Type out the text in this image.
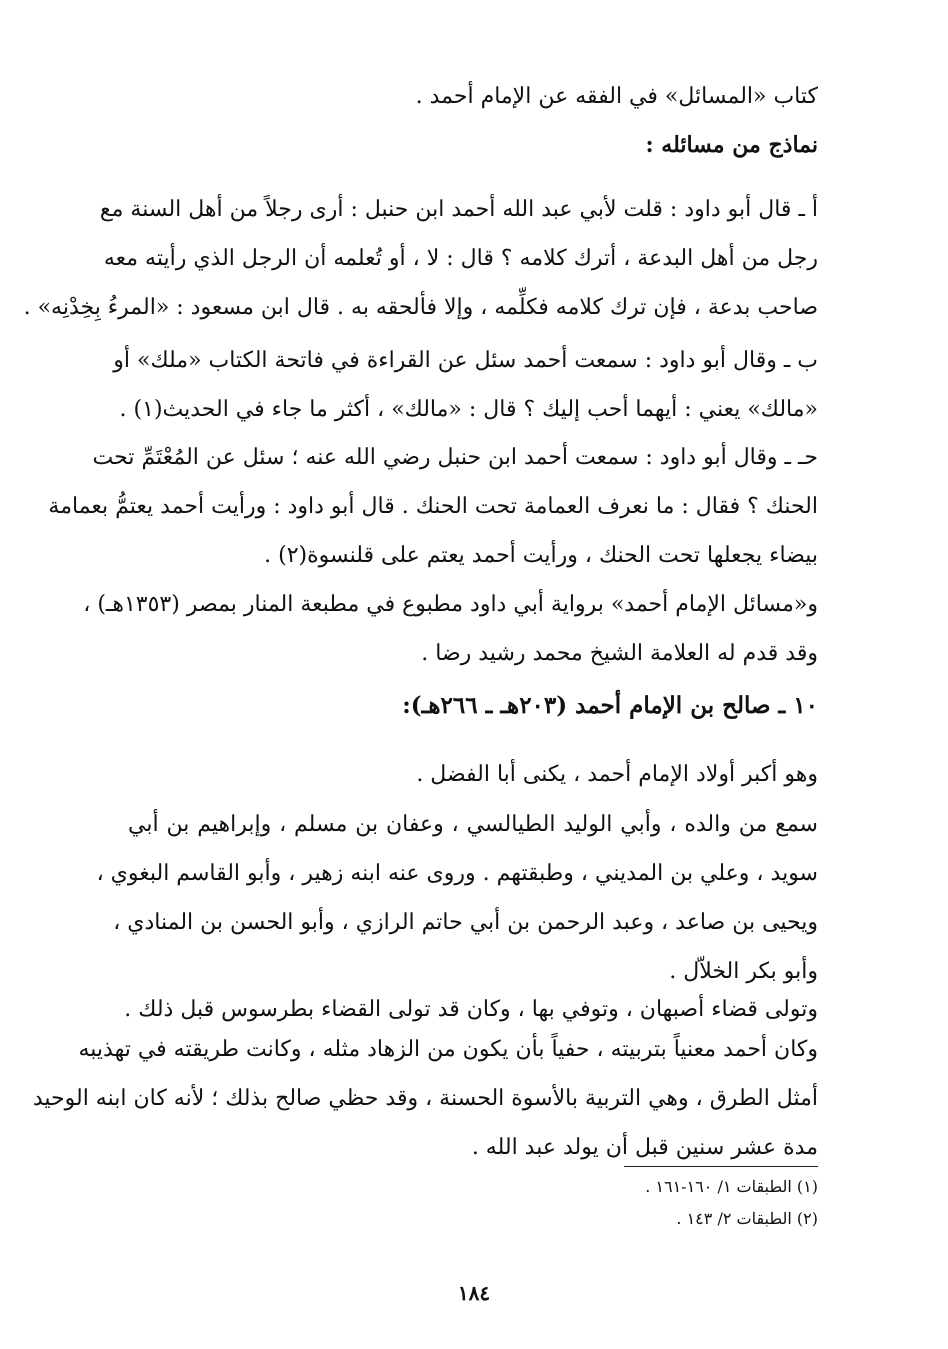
كتاب «المسائل» في الفقه عن الإمام أحمد .
نماذج من مسائله :
أ ـ قال أبو داود : قلت لأبي عبد الله أحمد ابن حنبل : أرى رجلاً من أهل السنة مع
رجل من أهل البدعة ، أترك كلامه ؟ قال : لا ، أو تُعلمه أن الرجل الذي رأيته معه
صاحب بدعة ، فإن ترك كلامه فكلِّمه ، وإلا فألحقه به . قال ابن مسعود : «المرءُ بِخِدْنِه» .
ب ـ وقال أبو داود : سمعت أحمد سئل عن القراءة في فاتحة الكتاب «ملك» أو
«مالك» يعني : أيهما أحب إليك ؟ قال : «مالك» ، أكثر ما جاء في الحديث(١) .
حـ ـ وقال أبو داود : سمعت أحمد ابن حنبل رضي الله عنه ؛ سئل عن المُعْتَمِّ تحت
الحنك ؟ فقال : ما نعرف العمامة تحت الحنك . قال أبو داود : ورأيت أحمد يعتمُّ بعمامة
بيضاء يجعلها تحت الحنك ، ورأيت أحمد يعتم على قلنسوة(٢) .
و«مسائل الإمام أحمد» برواية أبي داود مطبوع في مطبعة المنار بمصر (١٣٥٣هـ) ،
وقد قدم له العلامة الشيخ محمد رشيد رضا .
١٠ ـ صالح بن الإمام أحمد (٢٠٣هـ ـ ٢٦٦هـ):
وهو أكبر أولاد الإمام أحمد ، يكنى أبا الفضل .
سمع من والده ، وأبي الوليد الطيالسي ، وعفان بن مسلم ، وإبراهيم بن أبي
سويد ، وعلي بن المديني ، وطبقتهم . وروى عنه ابنه زهير ، وأبو القاسم البغوي ،
ويحيى بن صاعد ، وعبد الرحمن بن أبي حاتم الرازي ، وأبو الحسن بن المنادي ،
وأبو بكر الخلاّل .
وتولى قضاء أصبهان ، وتوفي بها ، وكان قد تولى القضاء بطرسوس قبل ذلك .
وكان أحمد معنياً بتربيته ، حفياً بأن يكون من الزهاد مثله ، وكانت طريقته في تهذيبه
أمثل الطرق ، وهي التربية بالأسوة الحسنة ، وقد حظي صالح بذلك ؛ لأنه كان ابنه الوحيد
مدة عشر سنين قبل أن يولد عبد الله .
(١) الطبقات ١/ ١٦٠-١٦١ .
(٢) الطبقات ٢/ ١٤٣ .
١٨٤
